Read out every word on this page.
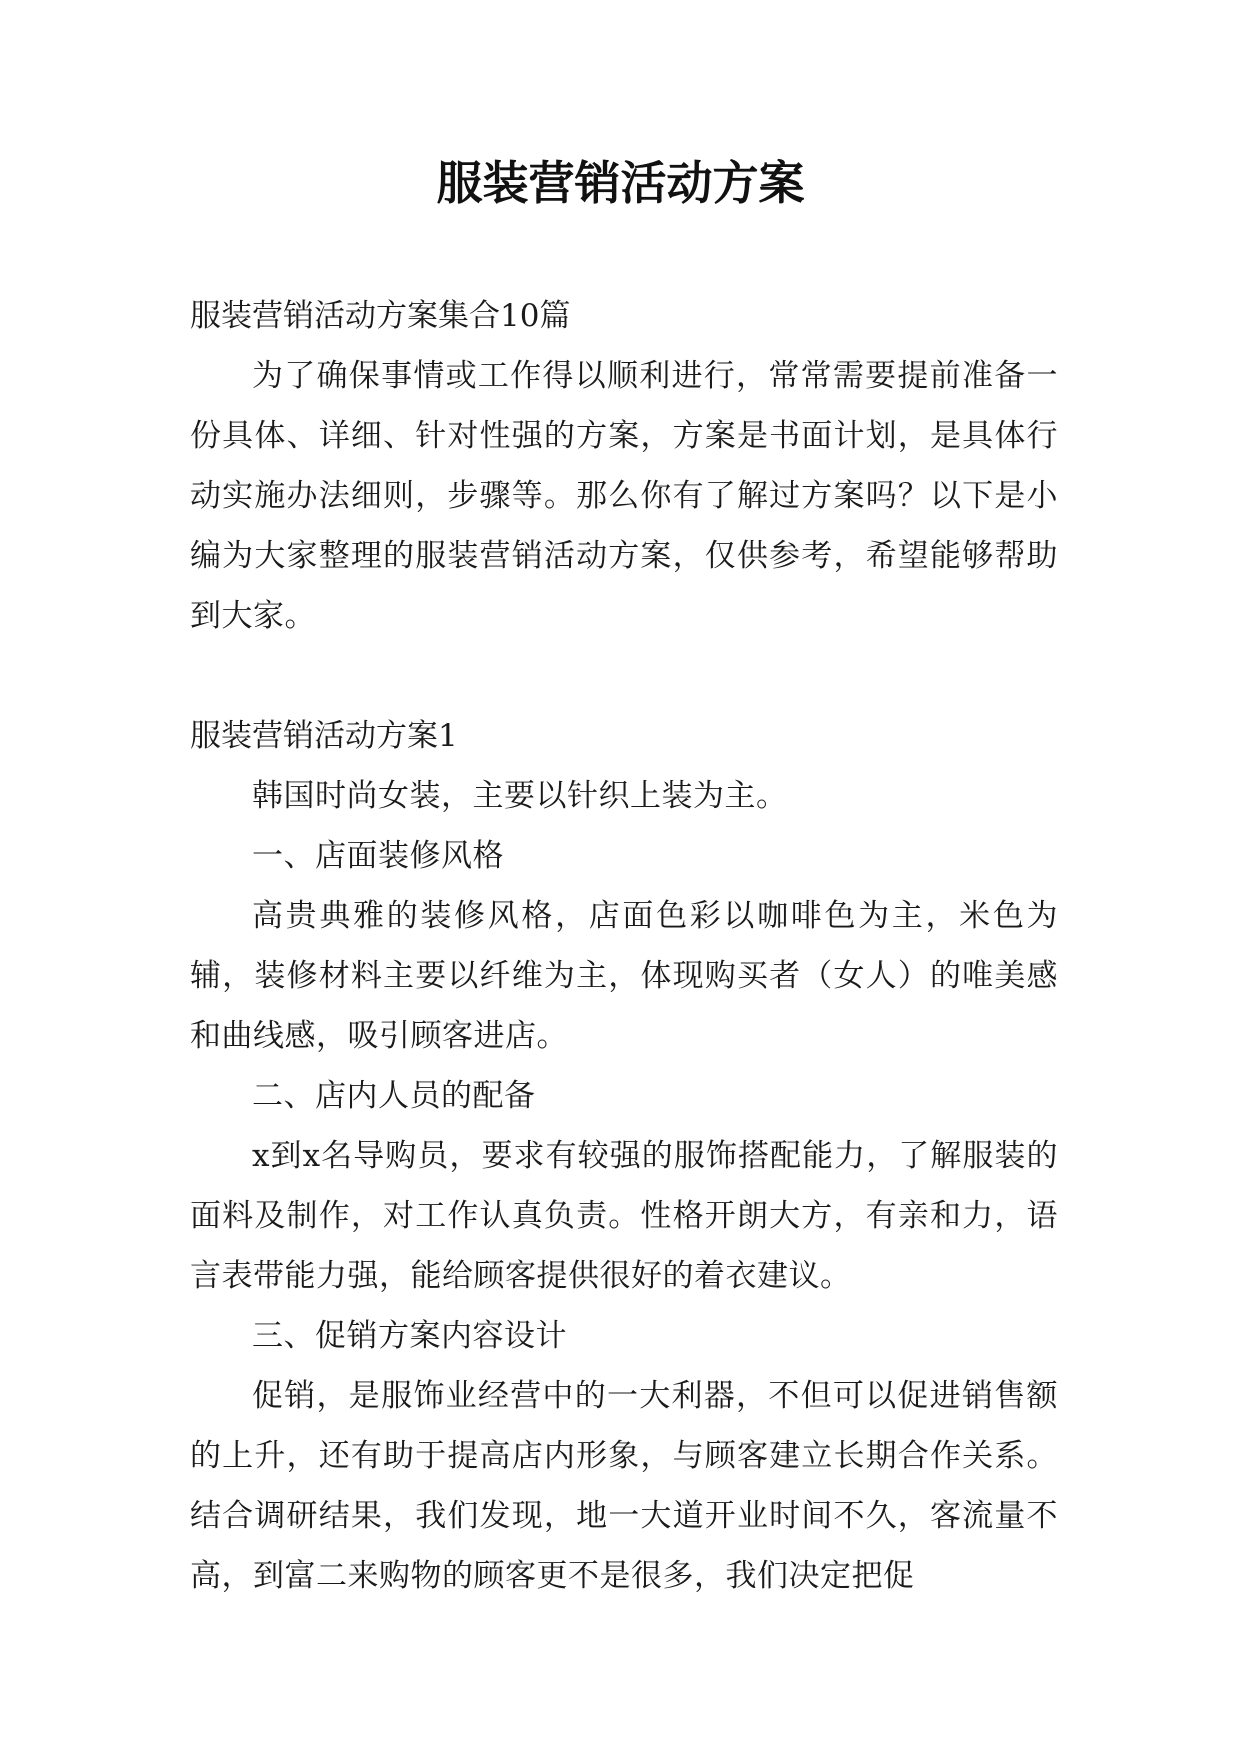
服装营销活动方案
服装营销活动方案集合10篇

为了确保事情或工作得以顺利进行，常常需要提前准备一份具体、详细、针对性强的方案，方案是书面计划，是具体行动实施办法细则，步骤等。那么你有了解过方案吗？以下是小编为大家整理的服装营销活动方案，仅供参考，希望能够帮助到大家。

服装营销活动方案1

韩国时尚女装，主要以针织上装为主。

一、店面装修风格

高贵典雅的装修风格，店面色彩以咖啡色为主，米色为辅，装修材料主要以纤维为主，体现购买者（女人）的唯美感和曲线感，吸引顾客进店。

二、店内人员的配备

x到x名导购员，要求有较强的服饰搭配能力，了解服装的面料及制作，对工作认真负责。性格开朗大方，有亲和力，语言表带能力强，能给顾客提供很好的着衣建议。

三、促销方案内容设计

促销，是服饰业经营中的一大利器，不但可以促进销售额的上升，还有助于提高店内形象，与顾客建立长期合作关系。结合调研结果，我们发现，地一大道开业时间不久，客流量不高，到富二来购物的顾客更不是很多，我们决定把促
